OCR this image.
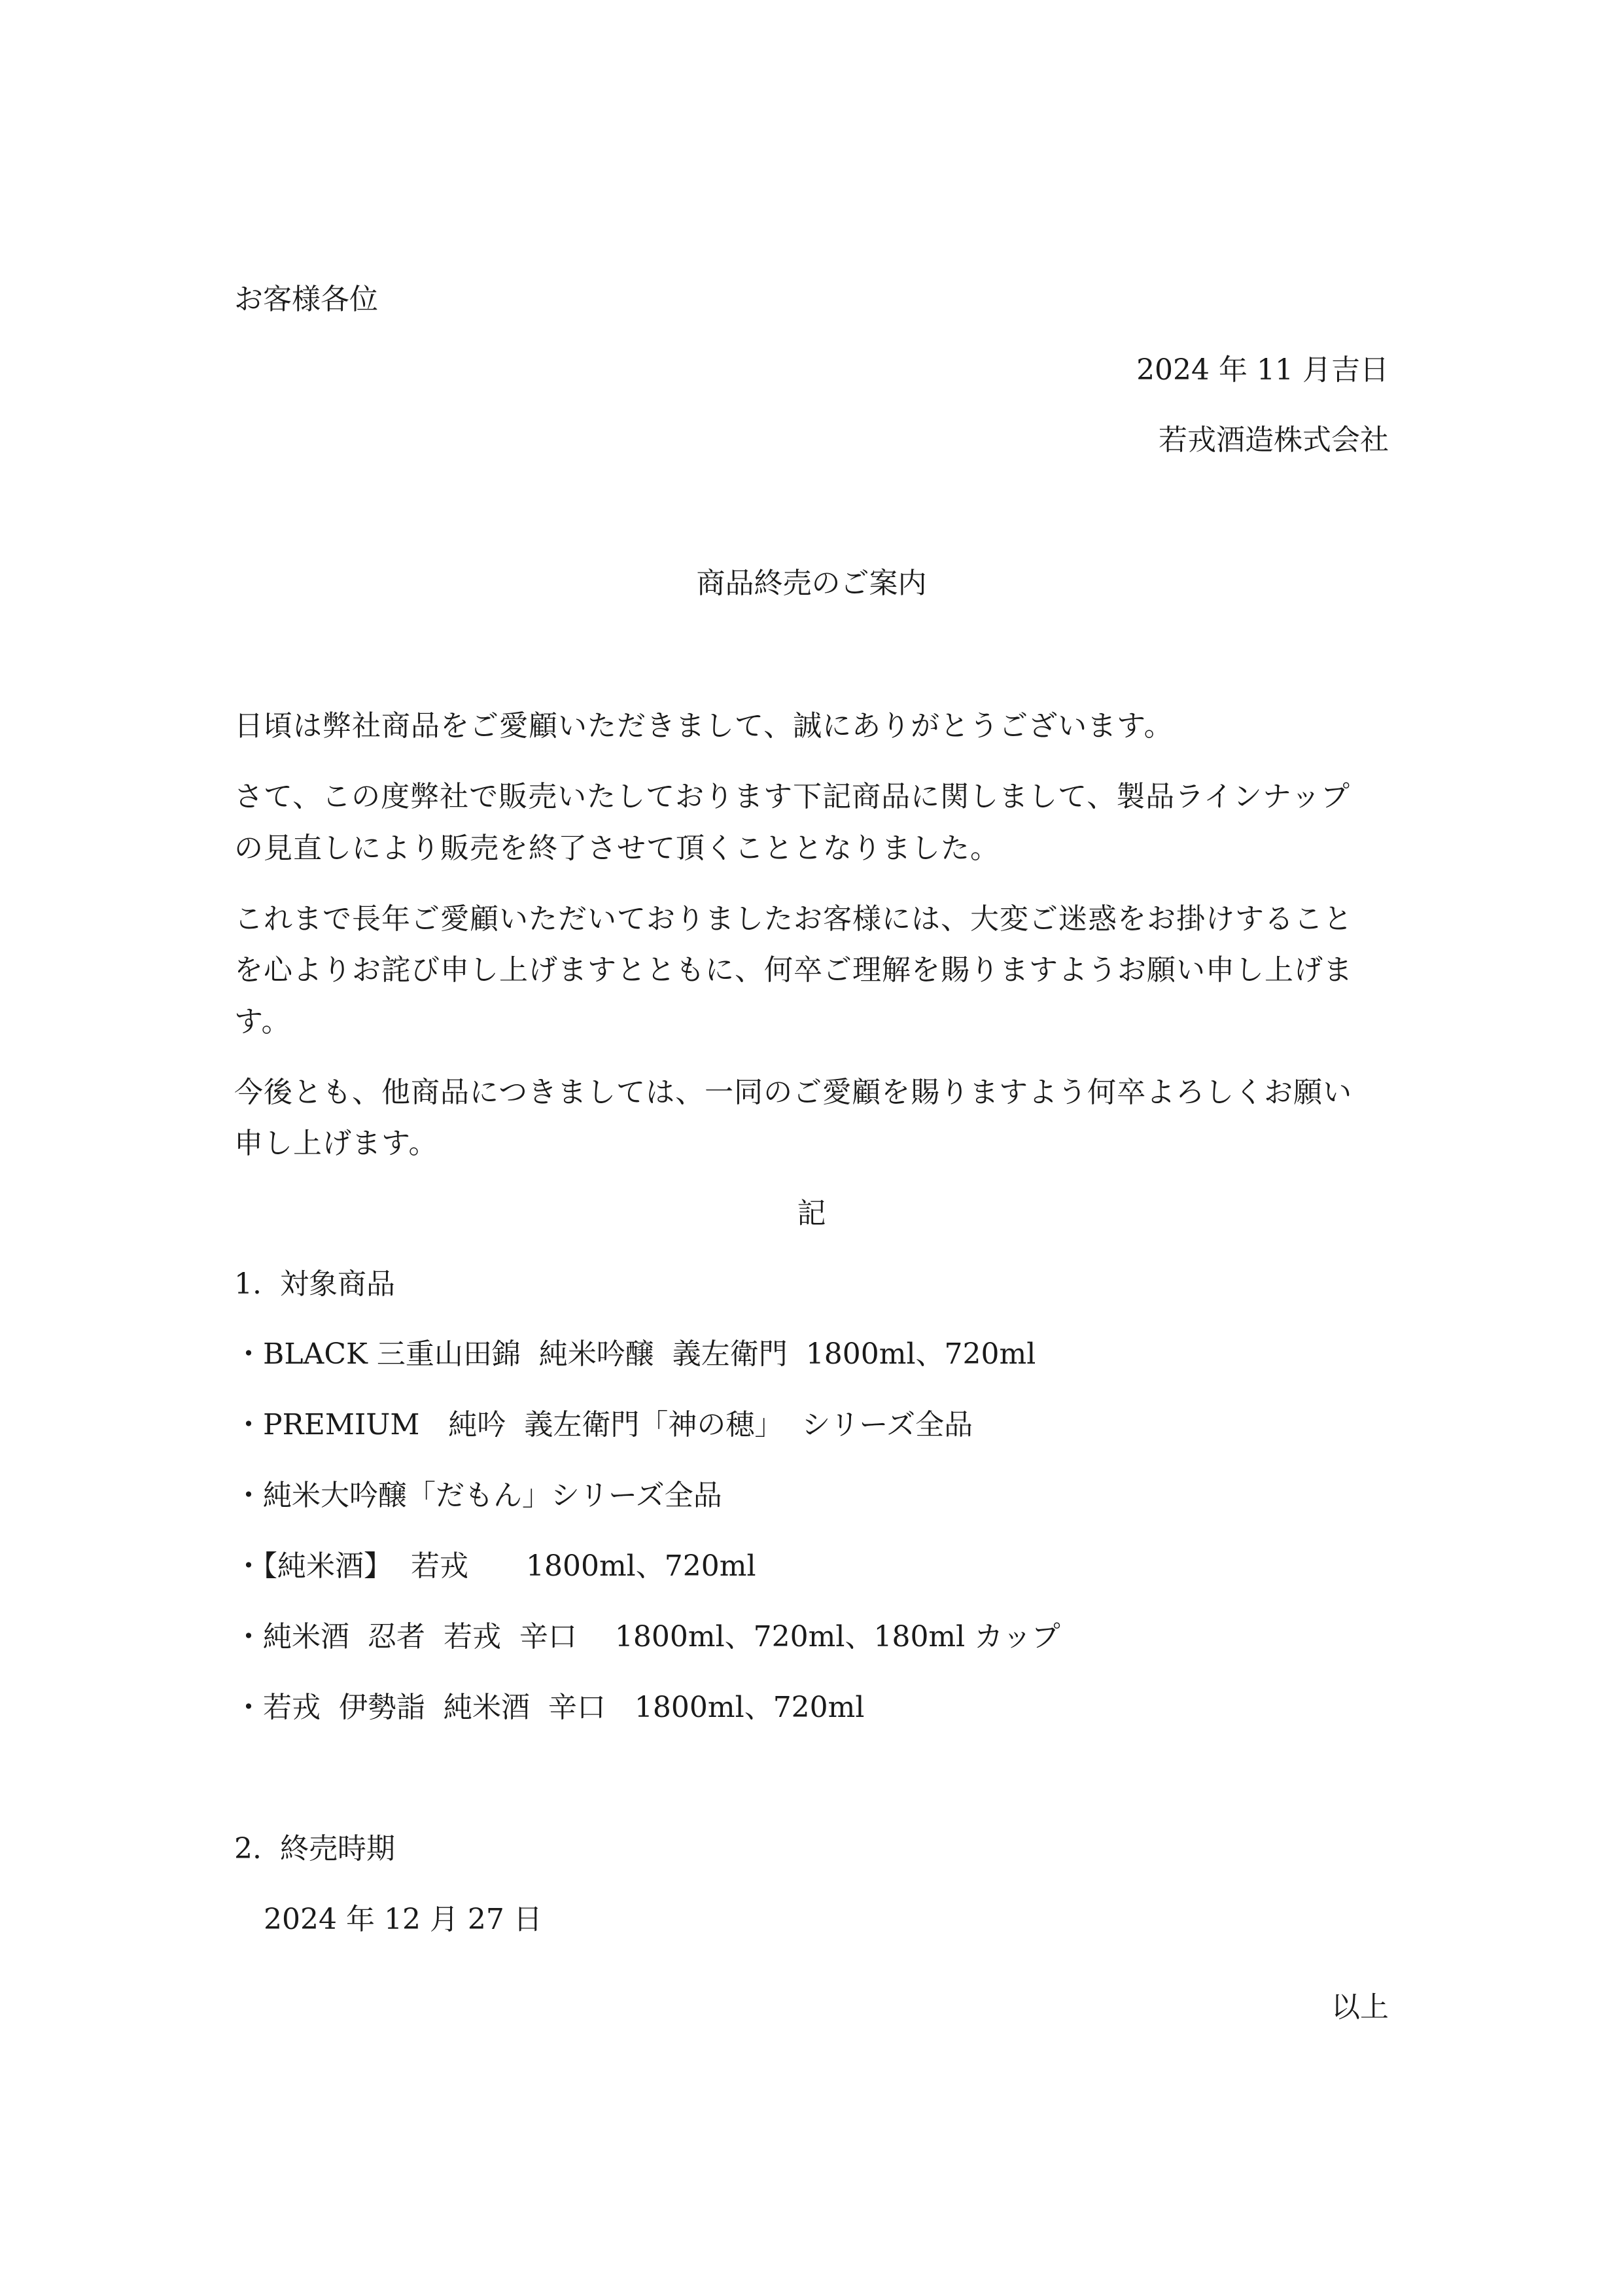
お客様各位
2024 年 11 月吉日
若戎酒造株式会社
商品終売のご案内
日頃は弊社商品をご愛顧いただきまして、誠にありがとうございます。
さて、この度弊社で販売いたしております下記商品に関しまして、製品ラインナップ
の見直しにより販売を終了させて頂くこととなりました。
これまで長年ご愛顧いただいておりましたお客様には、大変ご迷惑をお掛けすること
を心よりお詫び申し上げますとともに、何卒ご理解を賜りますようお願い申し上げま
す。
今後とも、他商品につきましては、一同のご愛顧を賜りますよう何卒よろしくお願い
申し上げます。
記
1.  対象商品
・BLACK 三重山田錦  純米吟醸  義左衛門  1800ml、720ml
・PREMIUM　純吟  義左衛門「神の穂」  シリーズ全品
・純米大吟醸「だもん」シリーズ全品
・【純米酒】  若戎　　1800ml、720ml
・純米酒  忍者  若戎  辛口　 1800ml、720ml、180ml カップ
・若戎  伊勢詣  純米酒  辛口　1800ml、720ml
2.  終売時期
2024 年 12 月 27 日
以上
